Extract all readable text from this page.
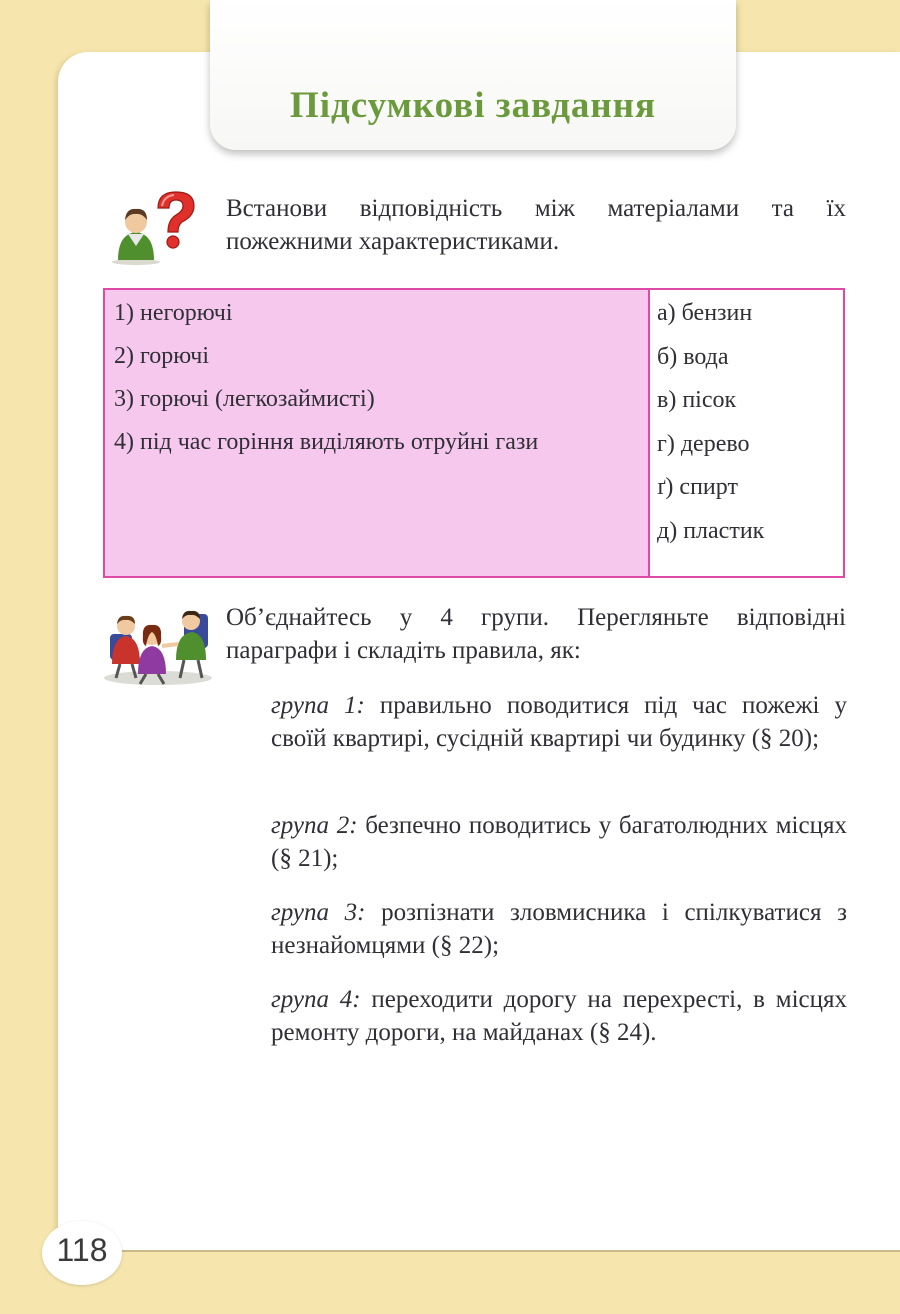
Підсумкові завдання
Встанови відповідність між матеріалами та їх пожежними характеристиками.
1) негорючі
2) горючі
3) горючі (легкозаймисті)
4) під час горіння виділяють отруйні гази
а) бензин
б) вода
в) пісок
г) дерево
ґ) спирт
д) пластик
Об’єднайтесь у 4 групи. Перегляньте відповідні параграфи і складіть правила, як:
група 1: правильно поводитися під час пожежі у своїй квартирі, сусідній квартирі чи будинку (§ 20);
група 2: безпечно поводитись у багатолюдних місцях (§ 21);
група 3: розпізнати зловмисника і спілкуватися з незнайомцями (§ 22);
група 4: переходити дорогу на перехресті, в місцях ремонту дороги, на майданах (§ 24).
118
